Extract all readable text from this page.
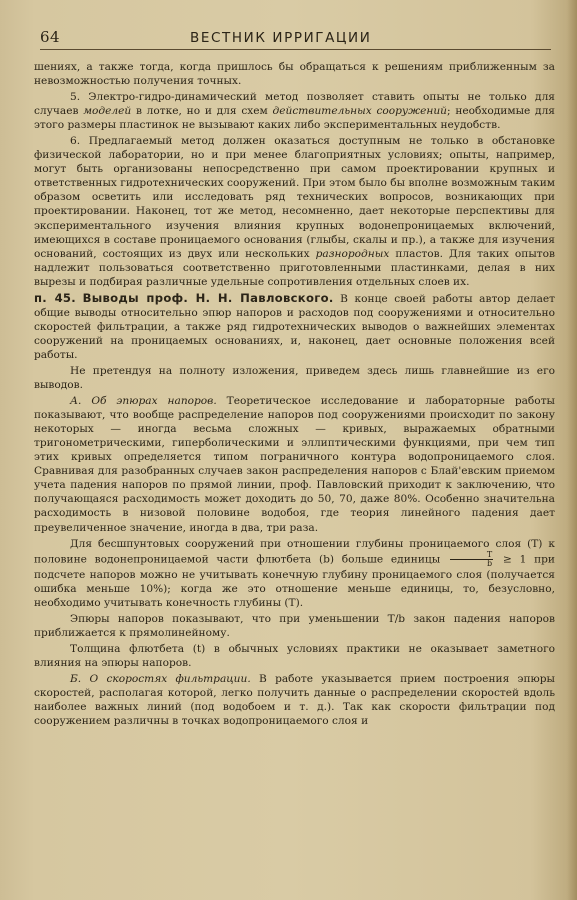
64	ВЕСТНИК ИРРИГАЦИИ

шениях, а также тогда, когда пришлось бы обращаться к решениям приближенным за невозможностью получения точных.

5. Электро-гидро-динамический метод позволяет ставить опыты не только для случаев моделей в лотке, но и для схем действительных сооружений; необходимые для этого размеры пластинок не вызывают каких либо экспериментальных неудобств.

6. Предлагаемый метод должен оказаться доступным не только в обстановке физической лаборатории, но и при менее благоприятных условиях; опыты, например, могут быть организованы непосредственно при самом проектировании крупных и ответственных гидротехнических сооружений. При этом было бы вполне возможным таким образом осветить или исследовать ряд технических вопросов, возникающих при проектировании. Наконец, тот же метод, несомненно, дает некоторые перспективы для экспериментального изучения влияния крупных водонепроницаемых включений, имеющихся в составе проницаемого основания (глыбы, скалы и пр.), а также для изучения оснований, состоящих из двух или нескольких разнородных пластов. Для таких опытов надлежит пользоваться соответственно приготовленными пластинками, делая в них вырезы и подбирая различные удельные сопротивления отдельных слоев их.

п. 45. Выводы проф. Н. Н. Павловского. В конце своей работы автор делает общие выводы относительно эпюр напоров и расходов под сооружениями и относительно скоростей фильтрации, а также ряд гидротехнических выводов о важнейших элементах сооружений на проницаемых основаниях, и, наконец, дает основные положения всей работы.

Не претендуя на полноту изложения, приведем здесь лишь главнейшие из его выводов.

А. Об эпюрах напоров. Теоретическое исследование и лабораторные работы показывают, что вообще распределение напоров под сооружениями происходит по закону некоторых — иногда весьма сложных — кривых, выражаемых обратными тригонометрическими, гиперболическими и эллиптическими функциями, при чем тип этих кривых определяется типом пограничного контура водопроницаемого слоя. Сравнивая для разобранных случаев закон распределения напоров с Блай'евским приемом учета падения напоров по прямой линии, проф. Павловский приходит к заключению, что получающаяся расходимость может доходить до 50, 70, даже 80%. Особенно значительна расходимость в низовой половине водобоя, где теория линейного падения дает преувеличенное значение, иногда в два, три раза.

Для бесшпунтовых сооружений при отношении глубины проницаемого слоя (Т) к половине водонепроницаемой части флютбета (b) больше единицы $\frac{T}{b} \ge 1$ при подсчете напоров можно не учитывать конечную глубину проницаемого слоя (получается ошибка меньше 10%); когда же это отношение меньше единицы, то, безусловно, необходимо учитывать конечность глубины (Т).

Эпюры напоров показывают, что при уменьшении T/b закон падения напоров приближается к прямолинейному.

Толщина флютбета (t) в обычных условиях практики не оказывает заметного влияния на эпюры напоров.

Б. О скоростях фильтрации. В работе указывается прием построения эпюры скоростей, располагая которой, легко получить данные о распределении скоростей вдоль наиболее важных линий (под водобоем и т. д.). Так как скорости фильтрации под сооружением различны в точках водопроницаемого слоя и
